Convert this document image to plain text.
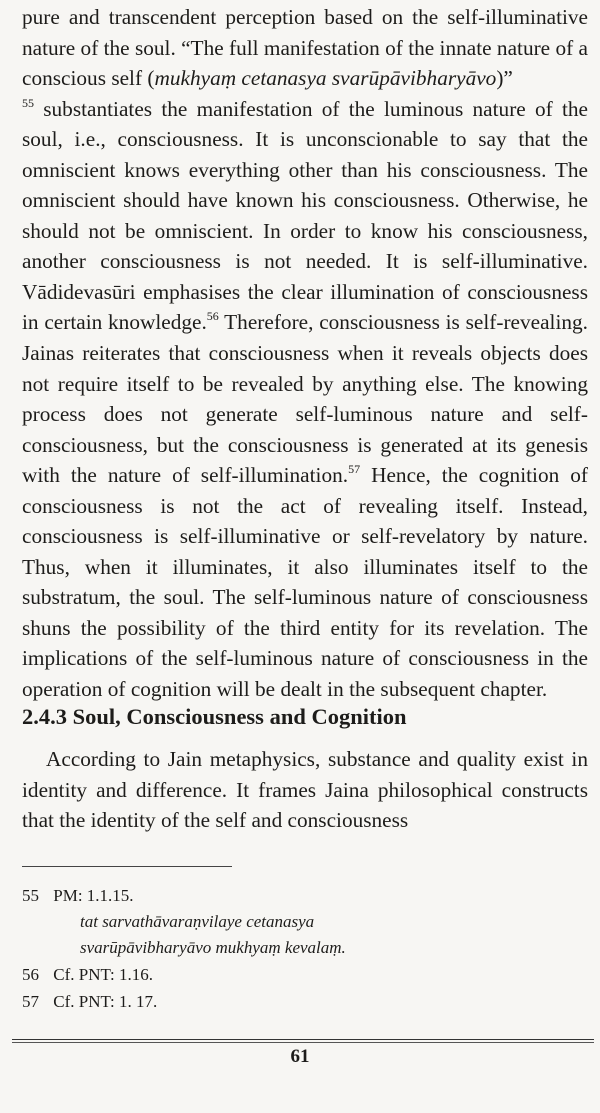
pure and transcendent perception based on the self-illuminative nature of the soul. “The full manifestation of the innate nature of a conscious self (mukhyaṃ cetanasya svarūpāvibharyāvo)”
$^{55}$ substantiates the manifestation of the luminous nature of the soul, i.e., consciousness. It is unconscionable to say that the omniscient knows everything other than his consciousness. The omniscient should have known his consciousness. Otherwise, he should not be omniscient. In order to know his consciousness, another consciousness is not needed. It is self-illuminative. Vādidevasūri emphasises the clear illumination of consciousness in certain knowledge.$^{56}$ Therefore, consciousness is self-revealing. Jainas reiterates that consciousness when it reveals objects does not require itself to be revealed by anything else. The knowing process does not generate self-luminous nature and self-consciousness, but the consciousness is generated at its genesis with the nature of self-illumination.$^{57}$ Hence, the cognition of consciousness is not the act of revealing itself. Instead, consciousness is self-illuminative or self-revelatory by nature. Thus, when it illuminates, it also illuminates itself to the substratum, the soul. The self-luminous nature of consciousness shuns the possibility of the third entity for its revelation. The implications of the self-luminous nature of consciousness in the operation of cognition will be dealt in the subsequent chapter.

2.4.3 Soul, Consciousness and Cognition
According to Jain metaphysics, substance and quality exist in identity and difference. It frames Jaina philosophical constructs that the identity of the self and consciousness
55 PM: 1.1.15.
tat sarvathāvaraṇvilaye cetanasya
svarūpāvibharyāvo mukhyaṃ kevalaṃ.
56 Cf. PNT: 1.16.
57 Cf. PNT: 1. 17.
61
